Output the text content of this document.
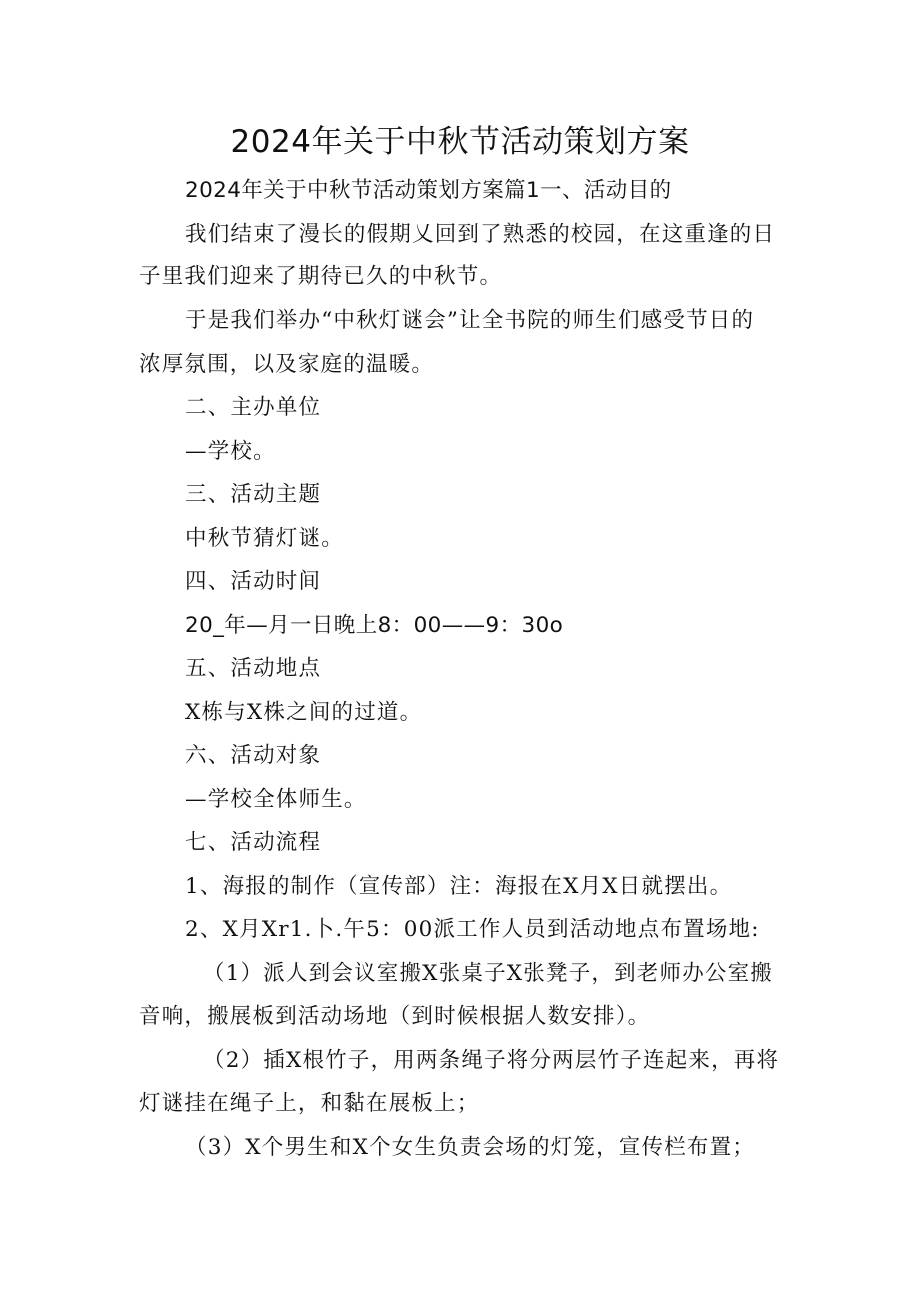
2024年关于中秋节活动策划方案
2024年关于中秋节活动策划方案篇1一、活动目的
我们结束了漫长的假期乂回到了熟悉的校园，在这重逢的日
子里我们迎来了期待已久的中秋节。
于是我们举办“中秋灯谜会”让全书院的师生们感受节日的
浓厚氛围，以及家庭的温暖。
二、主办单位
—学校。
三、活动主题
中秋节猜灯谜。
四、活动时间
20_年—月一日晚上8：00——9：30o
五、活动地点
X栋与X株之间的过道。
六、活动对象
—学校全体师生。
七、活动流程
1、海报的制作（宣传部）注：海报在X月X日就摆出。
2、X月Xr1.卜.午5：00派工作人员到活动地点布置场地:
（1）派人到会议室搬X张桌子X张凳子，到老师办公室搬
音响，搬展板到活动场地（到时候根据人数安排）。
（2）插X根竹子，用两条绳子将分两层竹子连起来，再将
灯谜挂在绳子上，和黏在展板上；
（3）X个男生和X个女生负责会场的灯笼，宣传栏布置；
